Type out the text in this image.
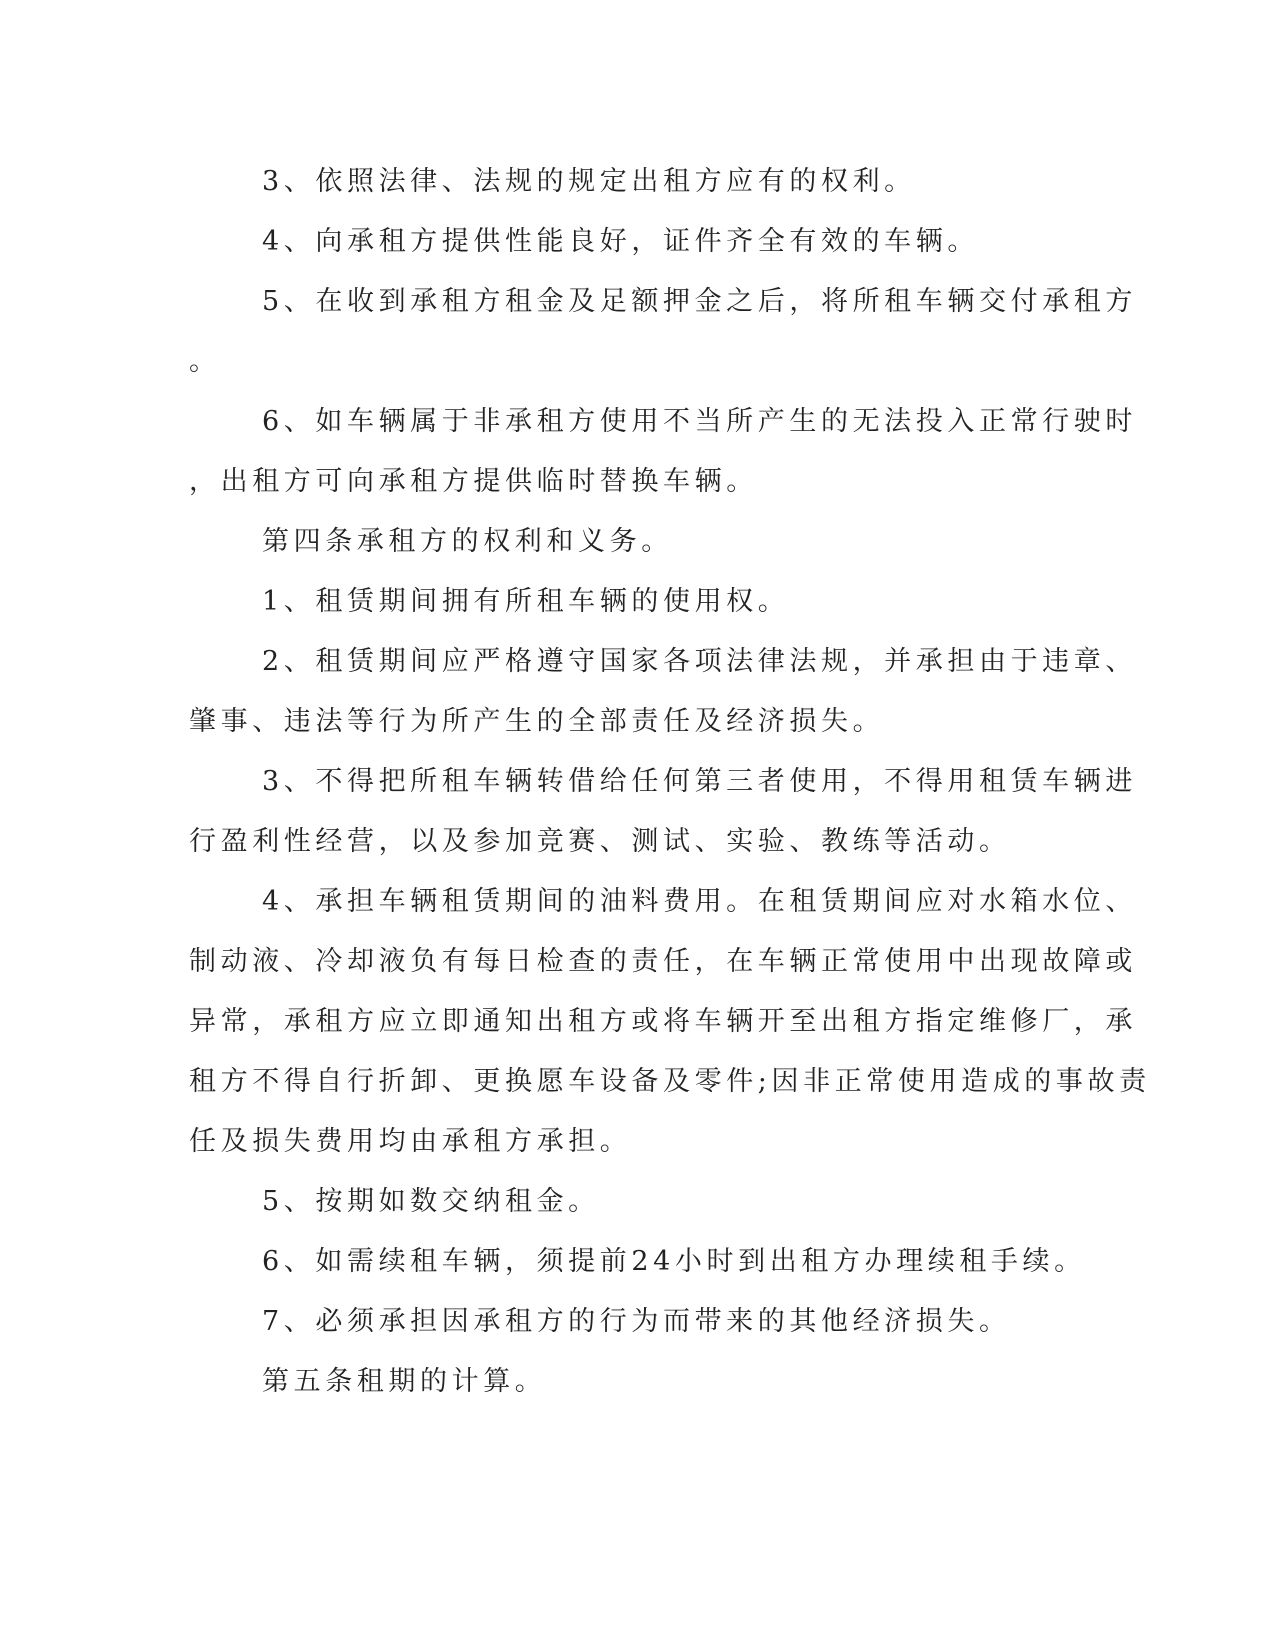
3、依照法律、法规的规定出租方应有的权利。
4、向承租方提供性能良好，证件齐全有效的车辆。
5、在收到承租方租金及足额押金之后，将所租车辆交付承租方
。
6、如车辆属于非承租方使用不当所产生的无法投入正常行驶时
，出租方可向承租方提供临时替换车辆。
第四条承租方的权利和义务。
1、租赁期间拥有所租车辆的使用权。
2、租赁期间应严格遵守国家各项法律法规，并承担由于违章、
肇事、违法等行为所产生的全部责任及经济损失。
3、不得把所租车辆转借给任何第三者使用，不得用租赁车辆进
行盈利性经营，以及参加竞赛、测试、实验、教练等活动。
4、承担车辆租赁期间的油料费用。在租赁期间应对水箱水位、
制动液、冷却液负有每日检查的责任，在车辆正常使用中出现故障或
异常，承租方应立即通知出租方或将车辆开至出租方指定维修厂，承
租方不得自行折卸、更换愿车设备及零件;因非正常使用造成的事故责
任及损失费用均由承租方承担。
5、按期如数交纳租金。
6、如需续租车辆，须提前24小时到出租方办理续租手续。
7、必须承担因承租方的行为而带来的其他经济损失。
第五条租期的计算。
